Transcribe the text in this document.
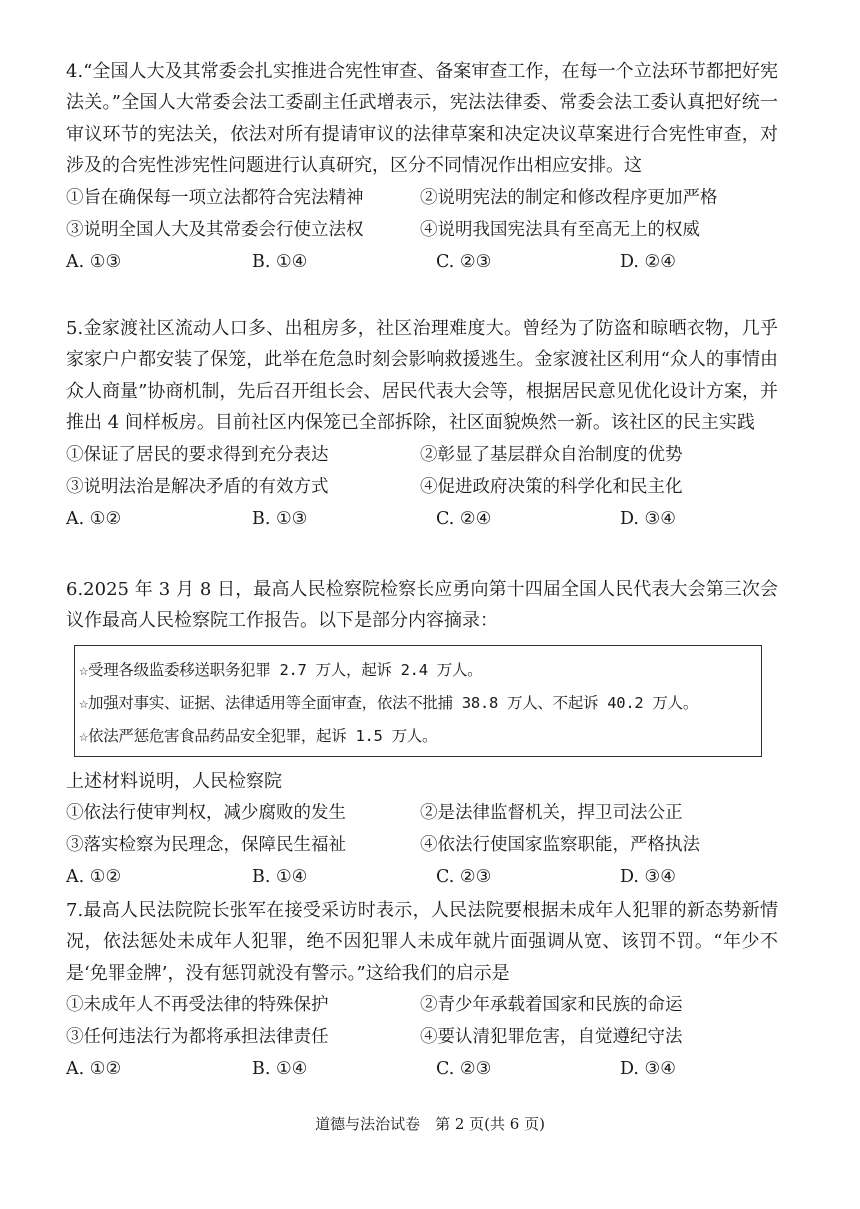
4.“全国人大及其常委会扎实推进合宪性审查、备案审查工作，在每一个立法环节都把好宪法关。”全国人大常委会法工委副主任武增表示，宪法法律委、常委会法工委认真把好统一审议环节的宪法关，依法对所有提请审议的法律草案和决定决议草案进行合宪性审查，对涉及的合宪性涉宪性问题进行认真研究，区分不同情况作出相应安排。这

①旨在确保每一项立法都符合宪法精神	②说明宪法的制定和修改程序更加严格
③说明全国人大及其常委会行使立法权	④说明我国宪法具有至高无上的权威
A. ①③	B. ①④	C. ②③	D. ②④

5.金家渡社区流动人口多、出租房多，社区治理难度大。曾经为了防盗和晾晒衣物，几乎家家户户都安装了保笼，此举在危急时刻会影响救援逃生。金家渡社区利用“众人的事情由众人商量”协商机制，先后召开组长会、居民代表大会等，根据居民意见优化设计方案，并推出 4 间样板房。目前社区内保笼已全部拆除，社区面貌焕然一新。该社区的民主实践

①保证了居民的要求得到充分表达	②彰显了基层群众自治制度的优势
③说明法治是解决矛盾的有效方式	④促进政府决策的科学化和民主化
A. ①②	B. ①③	C. ②④	D. ③④

6.2025 年 3 月 8 日，最高人民检察院检察长应勇向第十四届全国人民代表大会第三次会议作最高人民检察院工作报告。以下是部分内容摘录：

☆受理各级监委移送职务犯罪 2.7 万人，起诉 2.4 万人。
☆加强对事实、证据、法律适用等全面审查，依法不批捕 38.8 万人、不起诉 40.2 万人。
☆依法严惩危害食品药品安全犯罪，起诉 1.5 万人。

上述材料说明，人民检察院

①依法行使审判权，减少腐败的发生	②是法律监督机关，捍卫司法公正
③落实检察为民理念，保障民生福祉	④依法行使国家监察职能，严格执法
A. ①②	B. ①④	C. ②③	D. ③④

7.最高人民法院院长张军在接受采访时表示，人民法院要根据未成年人犯罪的新态势新情况，依法惩处未成年人犯罪，绝不因犯罪人未成年就片面强调从宽、该罚不罚。“年少不是‘免罪金牌’，没有惩罚就没有警示。”这给我们的启示是

①未成年人不再受法律的特殊保护	②青少年承载着国家和民族的命运
③任何违法行为都将承担法律责任	④要认清犯罪危害，自觉遵纪守法
A. ①②	B. ①④	C. ②③	D. ③④
道德与法治试卷　第 2 页(共 6 页)
